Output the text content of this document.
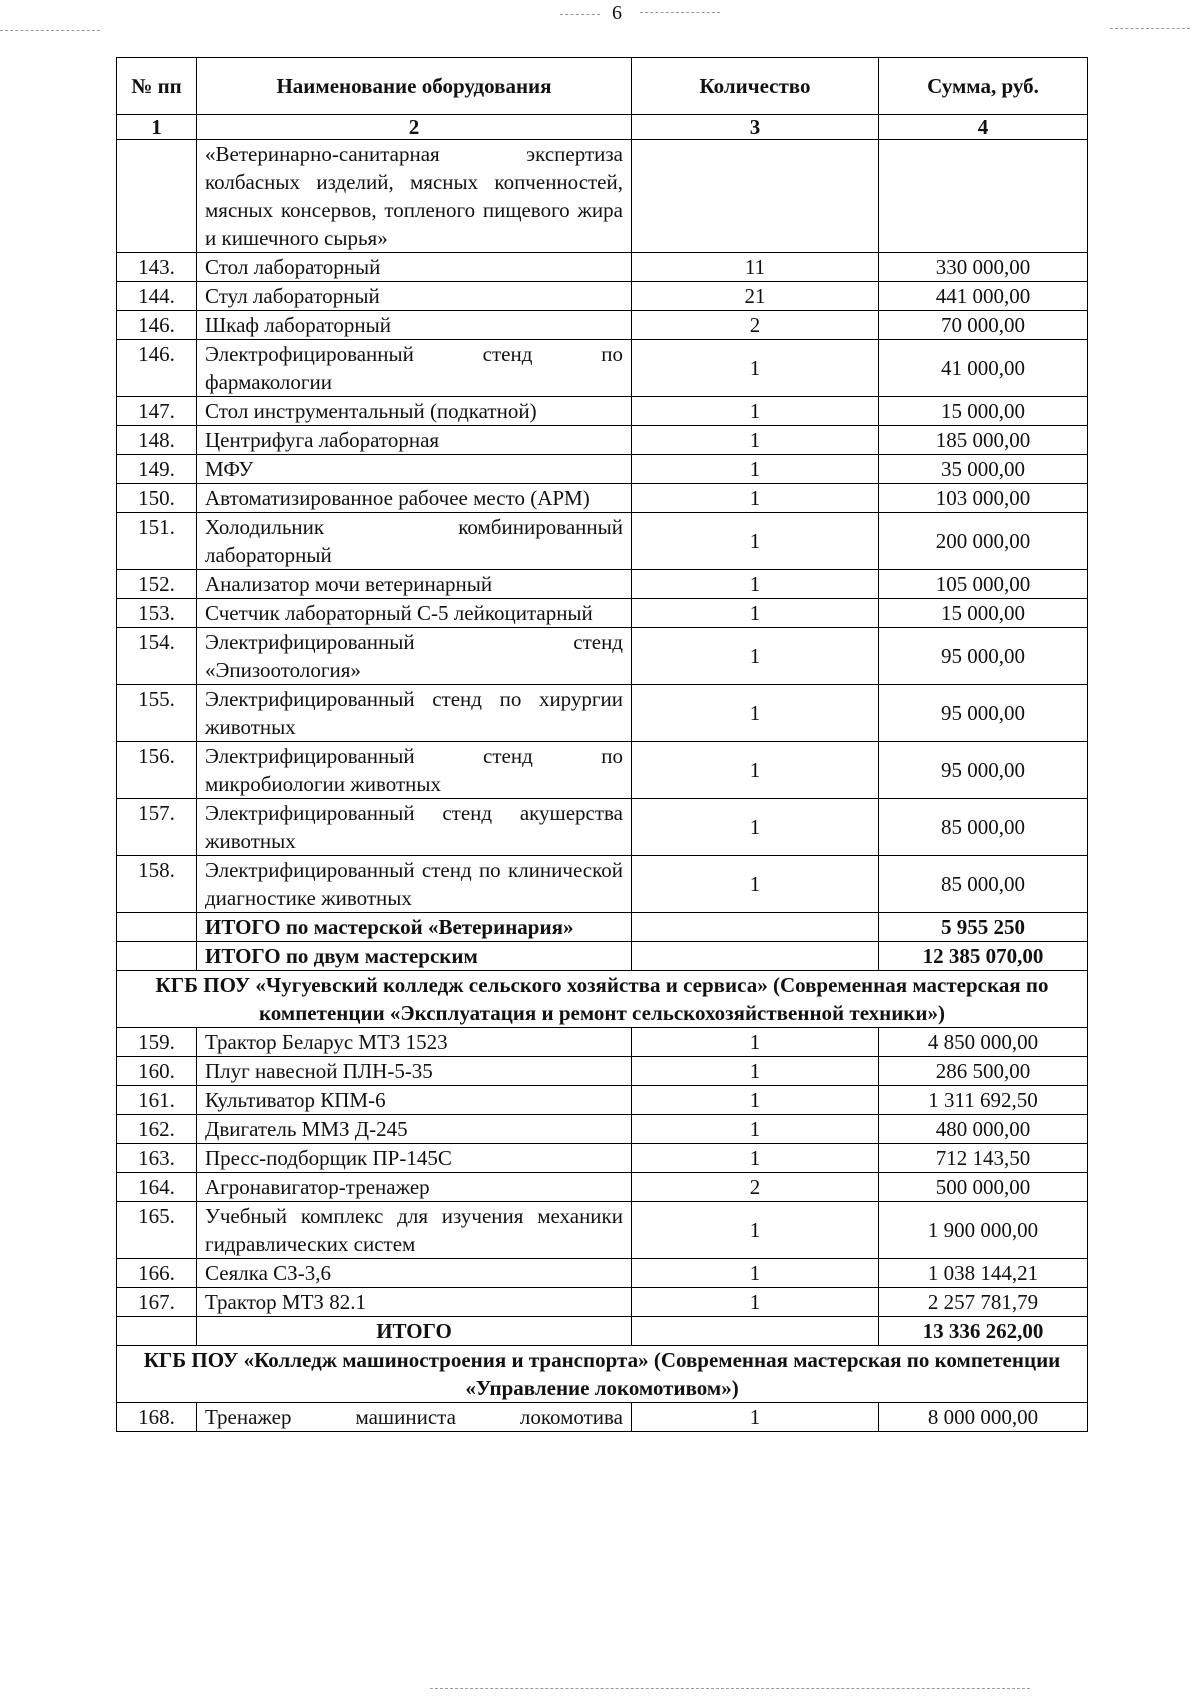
6
№ пп	Наименование оборудования	Количество	Сумма, руб.
1	2	3	4
	«Ветеринарно-санитарная экспертиза колбасных изделий, мясных копченностей, мясных консервов, топленого пищевого жира и кишечного сырья»		
143.	Стол лабораторный	11	330 000,00
144.	Стул лабораторный	21	441 000,00
146.	Шкаф лабораторный	2	70 000,00
146.	Электрофицированный стенд по фармакологии	1	41 000,00
147.	Стол инструментальный (подкатной)	1	15 000,00
148.	Центрифуга лабораторная	1	185 000,00
149.	МФУ	1	35 000,00
150.	Автоматизированное рабочее место (АРМ)	1	103 000,00
151.	Холодильник комбинированный лабораторный	1	200 000,00
152.	Анализатор мочи ветеринарный	1	105 000,00
153.	Счетчик лабораторный С-5 лейкоцитарный	1	15 000,00
154.	Электрифицированный стенд «Эпизоотология»	1	95 000,00
155.	Электрифицированный стенд по хирургии животных	1	95 000,00
156.	Электрифицированный стенд по микробиологии животных	1	95 000,00
157.	Электрифицированный стенд акушерства животных	1	85 000,00
158.	Электрифицированный стенд по клинической диагностике животных	1	85 000,00
	ИТОГО по мастерской «Ветеринария»		5 955 250
	ИТОГО по двум мастерским		12 385 070,00
КГБ ПОУ «Чугуевский колледж сельского хозяйства и сервиса» (Современная мастерская по компетенции «Эксплуатация и ремонт сельскохозяйственной техники»)			
159.	Трактор Беларус МТЗ 1523	1	4 850 000,00
160.	Плуг навесной ПЛН-5-35	1	286 500,00
161.	Культиватор КПМ-6	1	1 311 692,50
162.	Двигатель ММЗ Д-245	1	480 000,00
163.	Пресс-подборщик ПР-145С	1	712 143,50
164.	Агронавигатор-тренажер	2	500 000,00
165.	Учебный комплекс для изучения механики гидравлических систем	1	1 900 000,00
166.	Сеялка СЗ-3,6	1	1 038 144,21
167.	Трактор МТЗ 82.1	1	2 257 781,79
	ИТОГО		13 336 262,00
КГБ ПОУ «Колледж машиностроения и транспорта» (Современная мастерская по компетенции «Управление локомотивом»)			
168.	Тренажер машиниста локомотива	1	8 000 000,00
